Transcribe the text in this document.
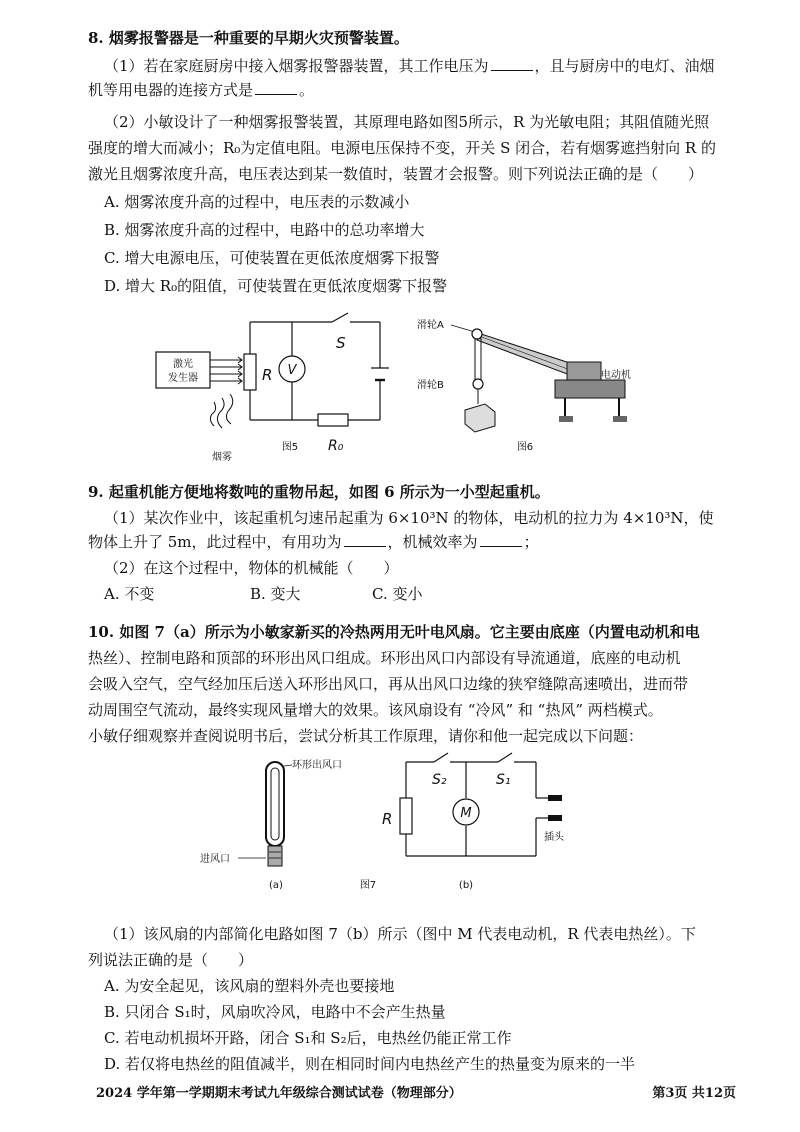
8. 烟雾报警器是一种重要的早期火灾预警装置。
（1）若在家庭厨房中接入烟雾报警器装置，其工作电压为	，且与厨房中的电灯、油烟
机等用电器的连接方式是	。
（2）小敏设计了一种烟雾报警装置，其原理电路如图5所示，R 为光敏电阻；其阻值随光照
强度的增大而减小；R₀为定值电阻。电源电压保持不变，开关 S 闭合，若有烟雾遮挡射向 R 的
激光且烟雾浓度升高，电压表达到某一数值时，装置才会报警。则下列说法正确的是（　　）
A. 烟雾浓度升高的过程中，电压表的示数减小
B. 烟雾浓度升高的过程中，电路中的总功率增大
C. 增大电源电压，可使装置在更低浓度烟雾下报警
D. 增大 R₀的阻值，可使装置在更低浓度烟雾下报警
激光
发生器
烟雾
R V
S
R₀
图5
滑轮A
滑轮B
电动机
图6
9. 起重机能方便地将数吨的重物吊起，如图 6 所示为一小型起重机。
（1）某次作业中，该起重机匀速吊起重为 6×10³N 的物体，电动机的拉力为 4×10³N，使
物体上升了 5m，此过程中，有用功为	，机械效率为	；
（2）在这个过程中，物体的机械能（　　）
A. 不变	B. 变大	C. 变小
10. 如图 7（a）所示为小敏家新买的冷热两用无叶电风扇。它主要由底座（内置电动机和电
热丝）、控制电路和顶部的环形出风口组成。环形出风口内部设有导流通道，底座的电动机
会吸入空气，空气经加压后送入环形出风口，再从出风口边缘的狭窄缝隙高速喷出，进而带
动周围空气流动，最终实现风量增大的效果。该风扇设有 “冷风” 和 “热风” 两档模式。
小敏仔细观察并查阅说明书后，尝试分析其工作原理，请你和他一起完成以下问题：
环形出风口
进风口
(a)	图7
R	M
S₂	S₁
插头
(b)
（1）该风扇的内部简化电路如图 7（b）所示（图中 M 代表电动机，R 代表电热丝）。下
列说法正确的是（　　）
A. 为安全起见，该风扇的塑料外壳也要接地
B. 只闭合 S₁时，风扇吹冷风，电路中不会产生热量
C. 若电动机损坏开路，闭合 S₁和 S₂后，电热丝仍能正常工作
D. 若仅将电热丝的阻值减半，则在相同时间内电热丝产生的热量变为原来的一半
2024 学年第一学期期末考试九年级综合测试试卷（物理部分）	第3页 共12页
